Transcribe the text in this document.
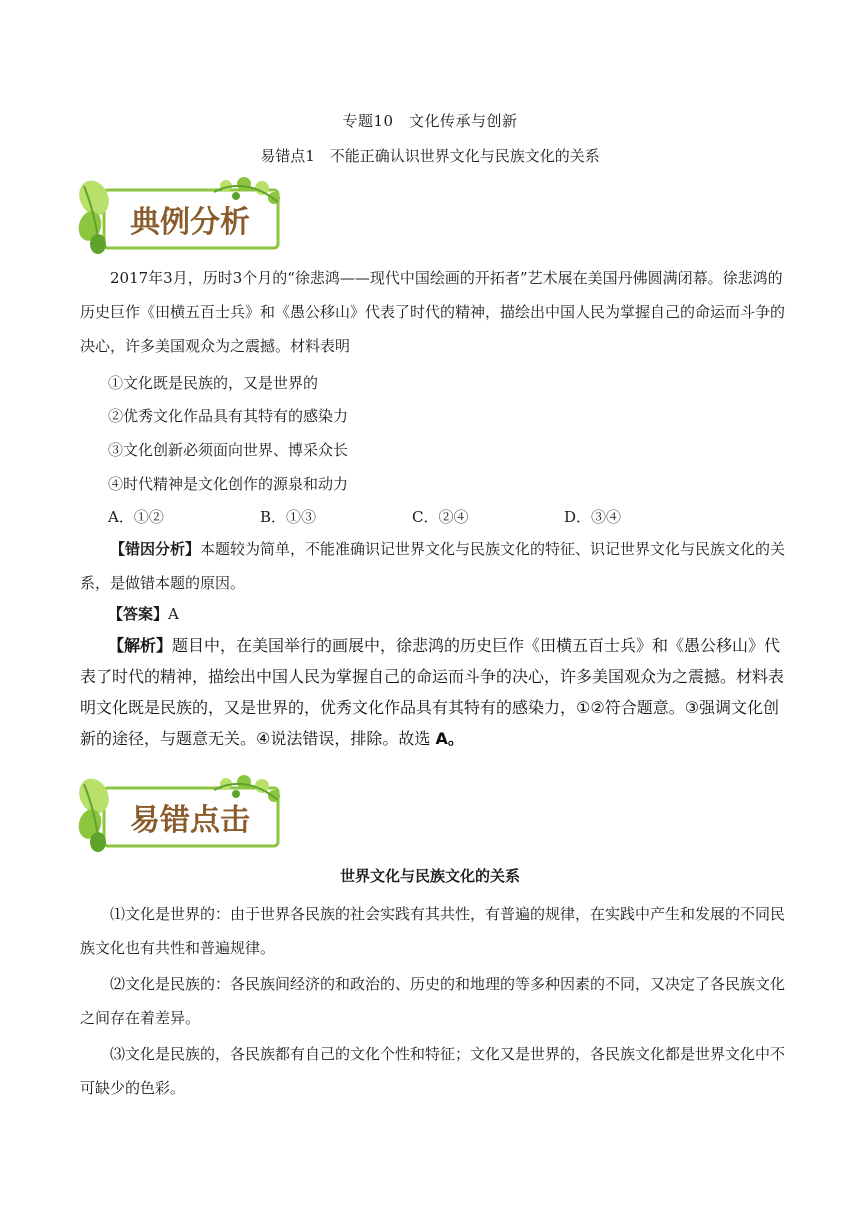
专题10　文化传承与创新
易错点1　不能正确认识世界文化与民族文化的关系
典例分析
2017年3月，历时3个月的“徐悲鸿——现代中国绘画的开拓者”艺术展在美国丹佛圆满闭幕。徐悲鸿的历史巨作《田横五百士兵》和《愚公移山》代表了时代的精神，描绘出中国人民为掌握自己的命运而斗争的决心，许多美国观众为之震撼。材料表明
①文化既是民族的，又是世界的
②优秀文化作品具有其特有的感染力
③文化创新必须面向世界、博采众长
④时代精神是文化创作的源泉和动力
A．①②	B．①③	C．②④	D．③④
【错因分析】本题较为简单，不能准确识记世界文化与民族文化的特征、识记世界文化与民族文化的关系，是做错本题的原因。
【答案】A
【解析】题目中，在美国举行的画展中，徐悲鸿的历史巨作《田横五百士兵》和《愚公移山》代表了时代的精神，描绘出中国人民为掌握自己的命运而斗争的决心，许多美国观众为之震撼。材料表明文化既是民族的，又是世界的，优秀文化作品具有其特有的感染力，①②符合题意。③强调文化创新的途径，与题意无关。④说法错误，排除。故选 A。
易错点击
世界文化与民族文化的关系
⑴文化是世界的：由于世界各民族的社会实践有其共性，有普遍的规律，在实践中产生和发展的不同民族文化也有共性和普遍规律。
⑵文化是民族的：各民族间经济的和政治的、历史的和地理的等多种因素的不同，又决定了各民族文化之间存在着差异。
⑶文化是民族的，各民族都有自己的文化个性和特征；文化又是世界的，各民族文化都是世界文化中不可缺少的色彩。
